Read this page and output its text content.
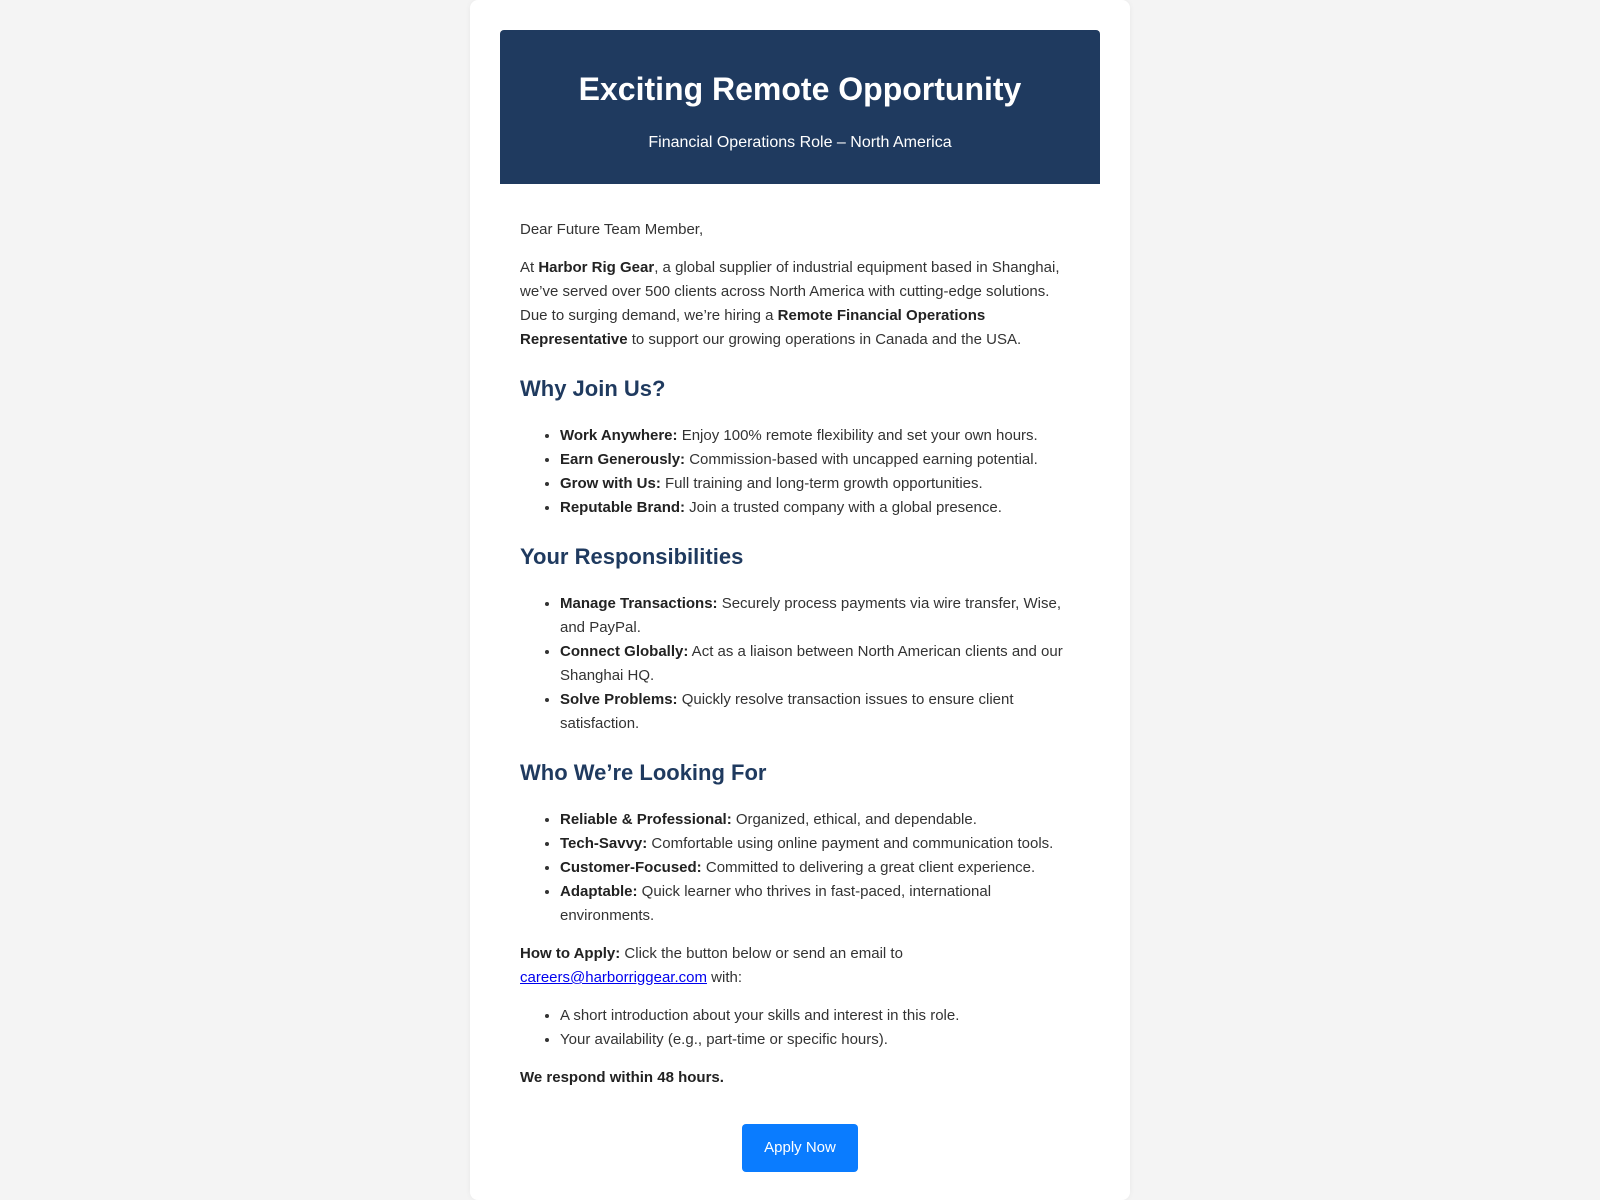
Exciting Remote Opportunity

Financial Operations Role – North America

Dear Future Team Member,

At Harbor Rig Gear, a global supplier of industrial equipment based in Shanghai, we’ve served over 500 clients across North America with cutting-edge solutions. Due to surging demand, we’re hiring a Remote Financial Operations Representative to support our growing operations in Canada and the USA.

Why Join Us?
• Work Anywhere: Enjoy 100% remote flexibility and set your own hours.
• Earn Generously: Commission-based with uncapped earning potential.
• Grow with Us: Full training and long-term growth opportunities.
• Reputable Brand: Join a trusted company with a global presence.
Your Responsibilities
• Manage Transactions: Securely process payments via wire transfer, Wise, and PayPal.
• Connect Globally: Act as a liaison between North American clients and our Shanghai HQ.
• Solve Problems: Quickly resolve transaction issues to ensure client satisfaction.
Who We’re Looking For
• Reliable & Professional: Organized, ethical, and dependable.
• Tech-Savvy: Comfortable using online payment and communication tools.
• Customer-Focused: Committed to delivering a great client experience.
• Adaptable: Quick learner who thrives in fast-paced, international environments.

How to Apply: Click the button below or send an email to careers@harborriggear.com with:

• A short introduction about your skills and interest in this role.
• Your availability (e.g., part-time or specific hours).

We respond within 48 hours.

Apply Now
